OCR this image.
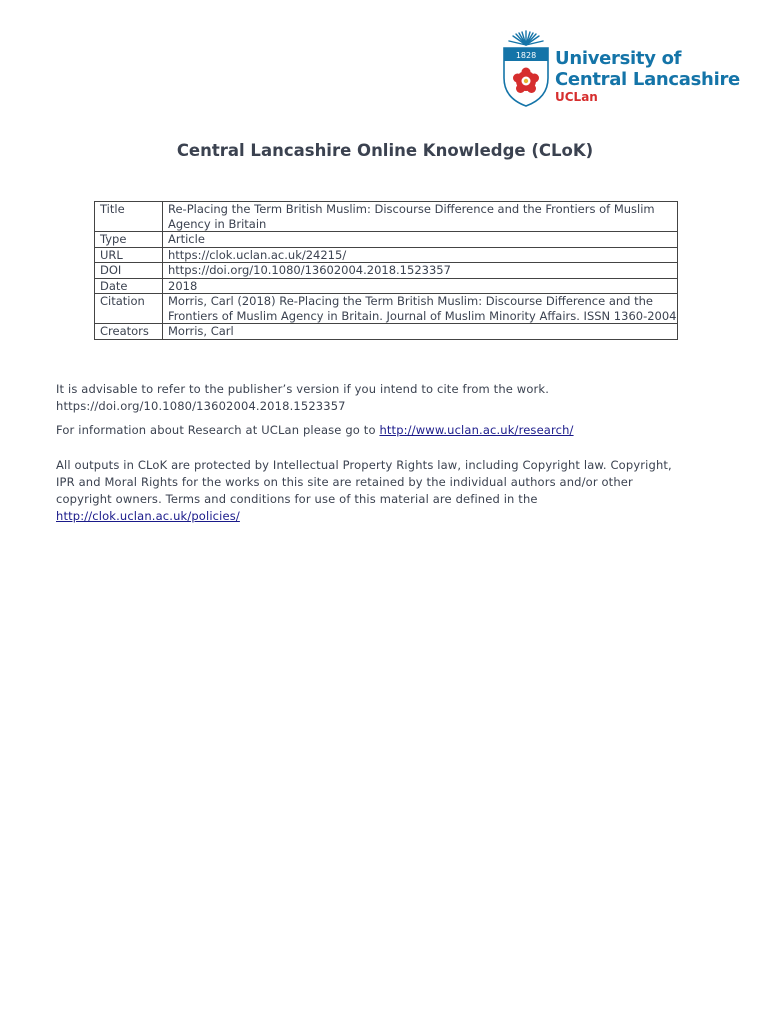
1828 University of
Central Lancashire
UCLan
Central Lancashire Online Knowledge (CLoK)
Title	Re-Placing the Term British Muslim: Discourse Difference and the Frontiers of Muslim Agency in Britain
Type	Article
URL	https://clok.uclan.ac.uk/24215/
DOI	https://doi.org/10.1080/13602004.2018.1523357
Date	2018
Citation	Morris, Carl (2018) Re-Placing the Term British Muslim: Discourse Difference and the Frontiers of Muslim Agency in Britain. Journal of Muslim Minority Affairs. ISSN 1360-2004
Creators	Morris, Carl
It is advisable to refer to the publisher’s version if you intend to cite from the work.
https://doi.org/10.1080/13602004.2018.1523357
For information about Research at UCLan please go to http://www.uclan.ac.uk/research/
All outputs in CLoK are protected by Intellectual Property Rights law, including Copyright law. Copyright, IPR and Moral Rights for the works on this site are retained by the individual authors and/or other copyright owners. Terms and conditions for use of this material are defined in the
http://clok.uclan.ac.uk/policies/
